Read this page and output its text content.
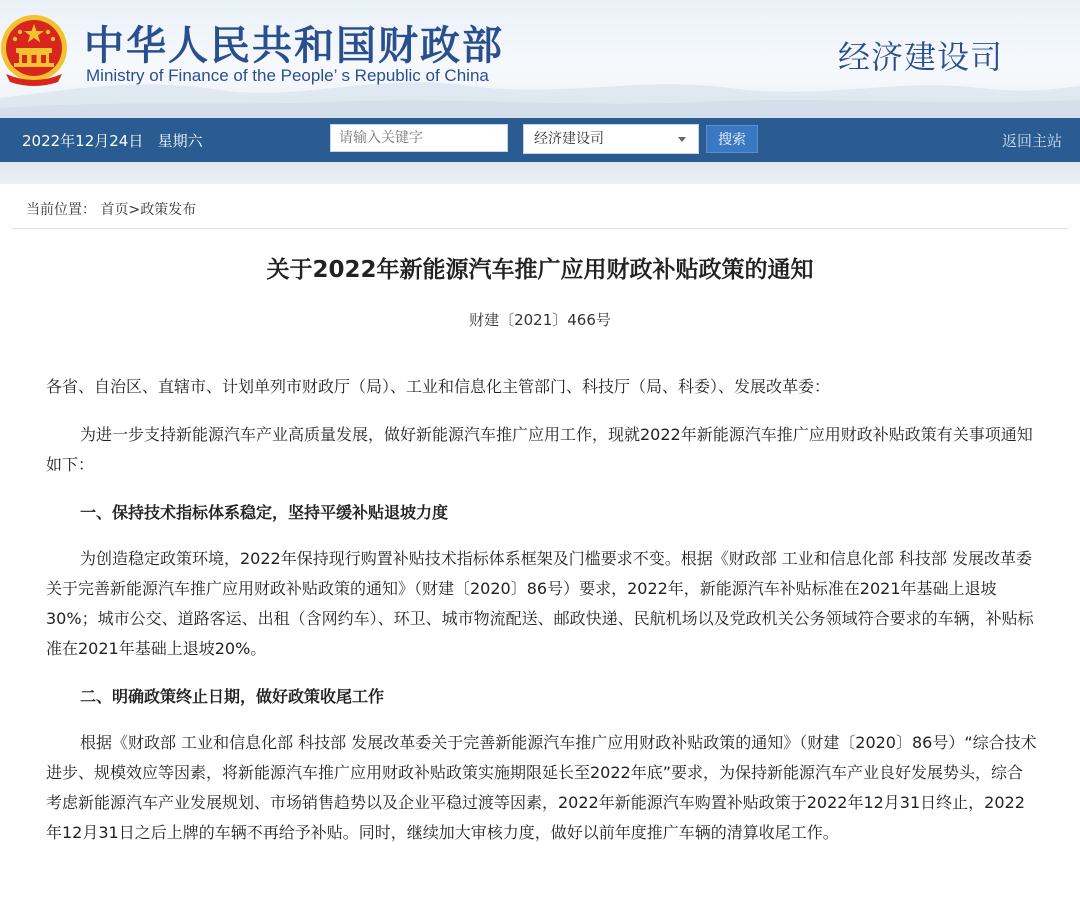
中华人民共和国财政部
Ministry of Finance of the People’ s Republic of China	经济建设司
2022年12月24日 星期六
请输入关键字	经济建设司	搜索	返回主站
当前位置： 首页>政策发布
关于2022年新能源汽车推广应用财政补贴政策的通知
财建〔2021〕466号

各省、自治区、直辖市、计划单列市财政厅（局）、工业和信息化主管部门、科技厅（局、科委）、发展改革委：

为进一步支持新能源汽车产业高质量发展，做好新能源汽车推广应用工作，现就2022年新能源汽车推广应用财政补贴政策有关事项通知如下：

一、保持技术指标体系稳定，坚持平缓补贴退坡力度

为创造稳定政策环境，2022年保持现行购置补贴技术指标体系框架及门槛要求不变。根据《财政部 工业和信息化部 科技部 发展改革委关于完善新能源汽车推广应用财政补贴政策的通知》（财建〔2020〕86号）要求，2022年，新能源汽车补贴标准在2021年基础上退坡30%；城市公交、道路客运、出租（含网约车）、环卫、城市物流配送、邮政快递、民航机场以及党政机关公务领域符合要求的车辆，补贴标准在2021年基础上退坡20%。

二、明确政策终止日期，做好政策收尾工作

根据《财政部 工业和信息化部 科技部 发展改革委关于完善新能源汽车推广应用财政补贴政策的通知》（财建〔2020〕86号）“综合技术进步、规模效应等因素，将新能源汽车推广应用财政补贴政策实施期限延长至2022年底”要求，为保持新能源汽车产业良好发展势头，综合考虑新能源汽车产业发展规划、市场销售趋势以及企业平稳过渡等因素，2022年新能源汽车购置补贴政策于2022年12月31日终止，2022年12月31日之后上牌的车辆不再给予补贴。同时，继续加大审核力度，做好以前年度推广车辆的清算收尾工作。
